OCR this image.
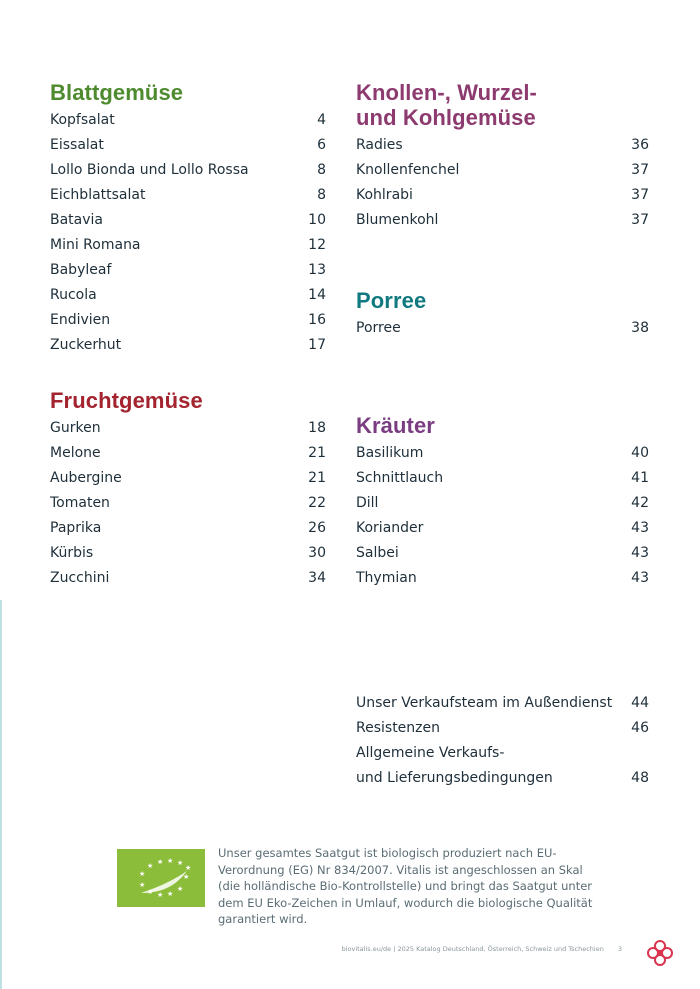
Blattgemüse
Kopfsalat	4
Eissalat	6
Lollo Bionda und Lollo Rossa	8
Eichblattsalat	8
Batavia	10
Mini Romana	12
Babyleaf	13
Rucola	14
Endivien	16
Zuckerhut	17
Fruchtgemüse
Gurken	18
Melone	21
Aubergine	21
Tomaten	22
Paprika	26
Kürbis	30
Zucchini	34
Knollen-, Wurzel-
und Kohlgemüse
Radies	36
Knollenfenchel	37
Kohlrabi	37
Blumenkohl	37
Porree
Porree	38
Kräuter
Basilikum	40
Schnittlauch	41
Dill	42
Koriander	43
Salbei	43
Thymian	43
Unser Verkaufsteam im Außendienst 44
Resistenzen	46
Allgemeine Verkaufs-
und Lieferungsbedingungen	48
★ ★ ★ ★
★
★	★
★
★ ★
★
Unser gesamtes Saatgut ist biologisch produziert nach EU-Verordnung (EG) Nr 834/2007. Vitalis ist angeschlossen an Skal (die holländische Bio-Kontrollstelle) und bringt das Saatgut unter dem EU Eko-Zeichen in Umlauf, wodurch die biologische Qualität garantiert wird.
biovitalis.eu/de | 2025 Katalog Deutschland, Österreich, Schweiz und Tschechien 3
